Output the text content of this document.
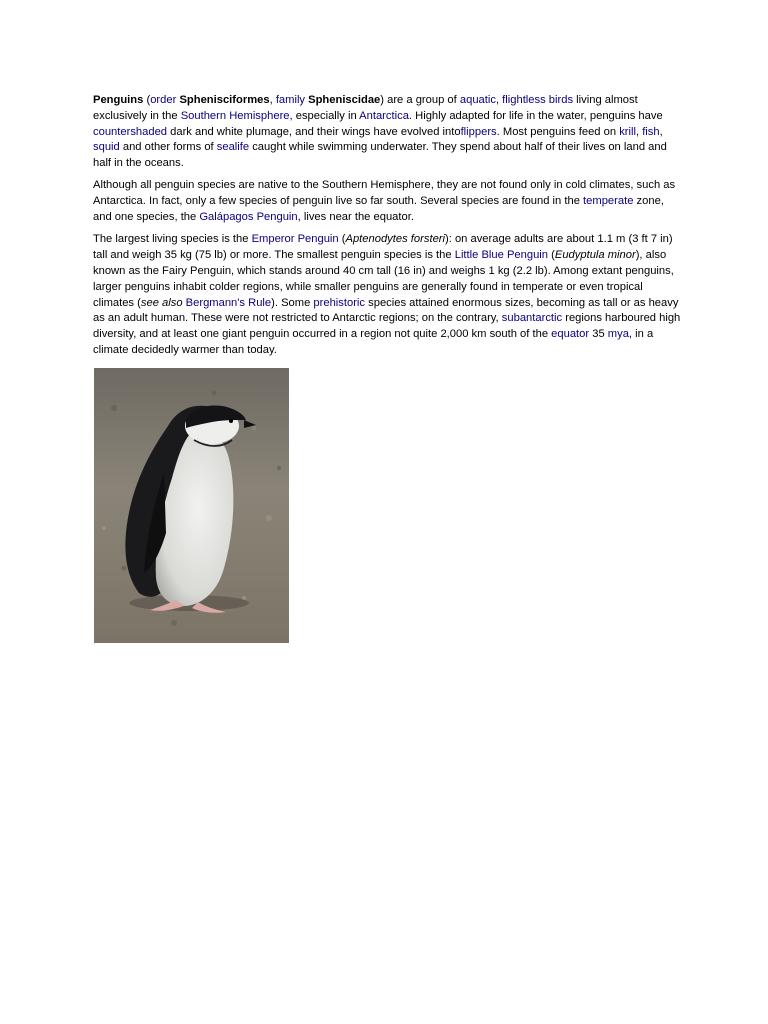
Penguins (order Sphenisciformes, family Spheniscidae) are a group of aquatic, flightless birds living almost exclusively in the Southern Hemisphere, especially in Antarctica. Highly adapted for life in the water, penguins have countershaded dark and white plumage, and their wings have evolved intoflippers. Most penguins feed on krill, fish, squid and other forms of sealife caught while swimming underwater. They spend about half of their lives on land and half in the oceans.

Although all penguin species are native to the Southern Hemisphere, they are not found only in cold climates, such as Antarctica. In fact, only a few species of penguin live so far south. Several species are found in the temperate zone, and one species, the Galápagos Penguin, lives near the equator.

The largest living species is the Emperor Penguin (Aptenodytes forsteri): on average adults are about 1.1 m (3 ft 7 in) tall and weigh 35 kg (75 lb) or more. The smallest penguin species is the Little Blue Penguin (Eudyptula minor), also known as the Fairy Penguin, which stands around 40 cm tall (16 in) and weighs 1 kg (2.2 lb). Among extant penguins, larger penguins inhabit colder regions, while smaller penguins are generally found in temperate or even tropical climates (see also Bergmann's Rule). Some prehistoric species attained enormous sizes, becoming as tall or as heavy as an adult human. These were not restricted to Antarctic regions; on the contrary, subantarctic regions harboured high diversity, and at least one giant penguin occurred in a region not quite 2,000 km south of the equator 35 mya, in a climate decidedly warmer than today.
